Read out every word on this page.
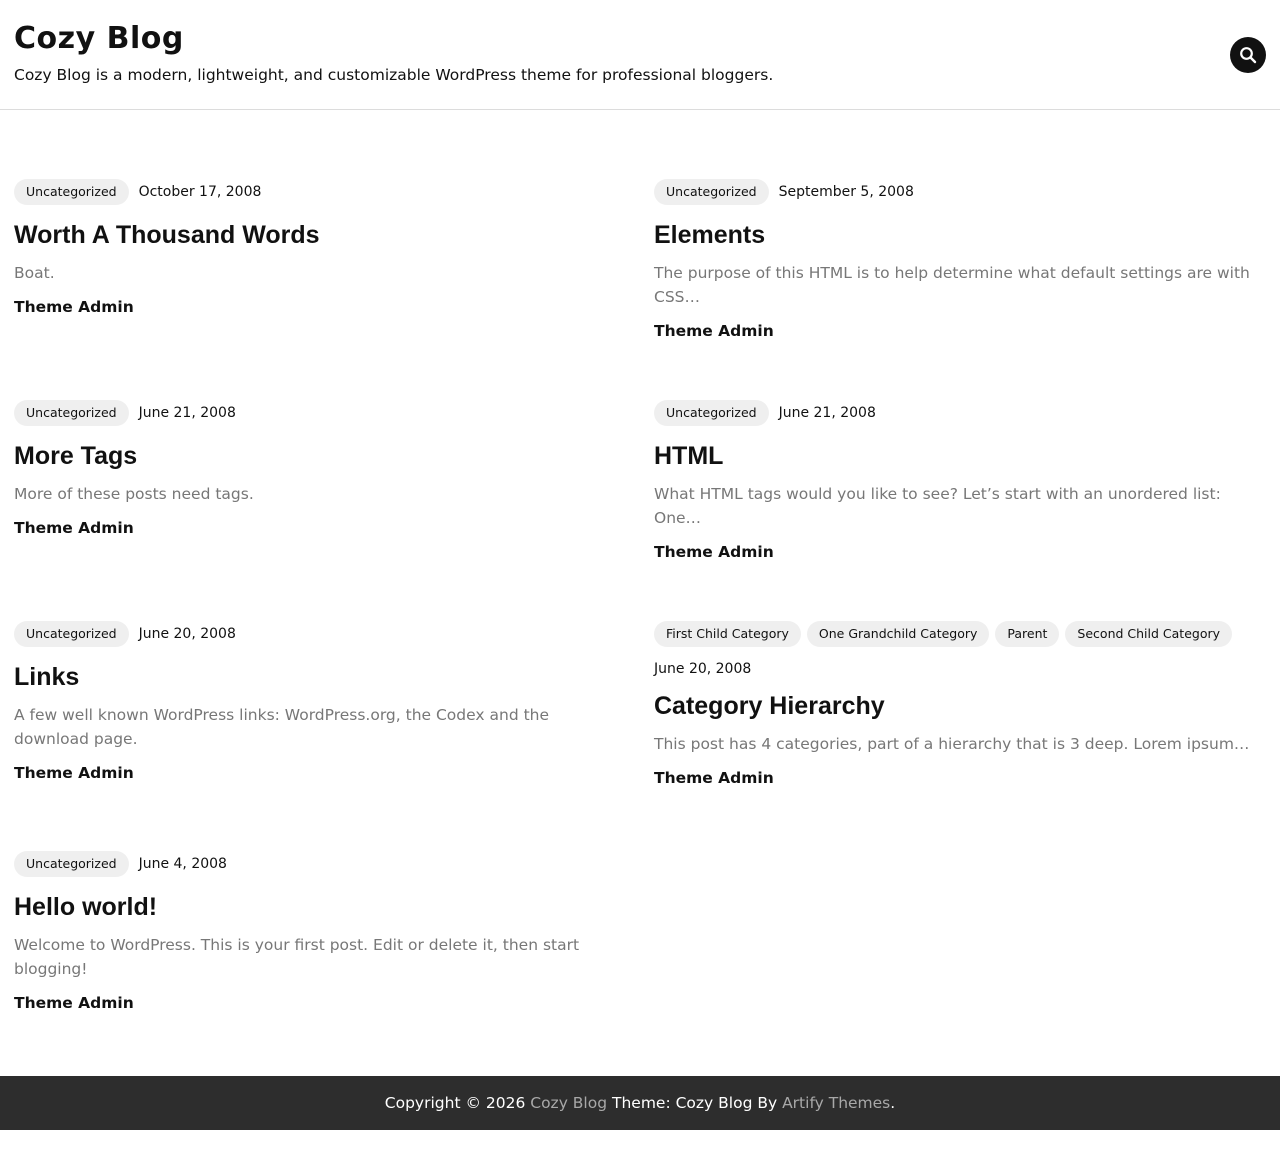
Cozy Blog

Cozy Blog is a modern, lightweight, and customizable WordPress theme for professional bloggers.

Uncategorized	October 17, 2008
Worth A Thousand Words

Boat.

Theme Admin
Uncategorized	September 5, 2008
Elements

The purpose of this HTML is to help determine what default settings are with CSS…

Theme Admin
Uncategorized	June 21, 2008
More Tags

More of these posts need tags.

Theme Admin
Uncategorized	June 21, 2008
HTML

What HTML tags would you like to see? Let’s start with an unordered list: One…

Theme Admin
Uncategorized	June 20, 2008
Links

A few well known WordPress links: WordPress.org, the Codex and the download page.

Theme Admin
First Child Category	One Grandchild Category	Parent	Second Child Category
June 20, 2008
Category Hierarchy

This post has 4 categories, part of a hierarchy that is 3 deep. Lorem ipsum…

Theme Admin
Uncategorized	June 4, 2008
Hello world!

Welcome to WordPress. This is your first post. Edit or delete it, then start blogging!

Theme Admin
Copyright © 2026 Cozy Blog Theme: Cozy Blog By Artify Themes .
